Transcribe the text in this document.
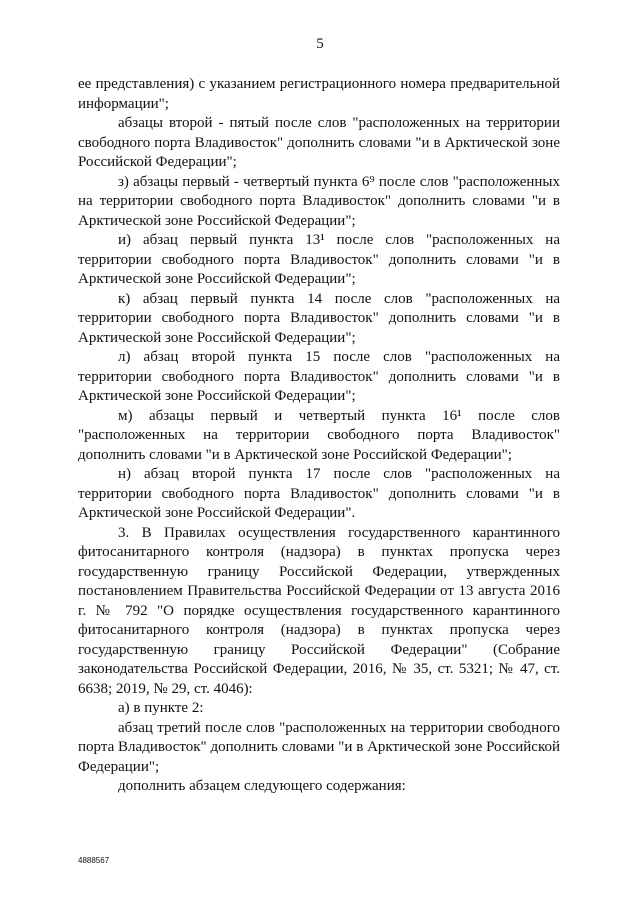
5

ее представления) с указанием регистрационного номера предварительной информации";

абзацы второй - пятый после слов "расположенных на территории свободного порта Владивосток" дополнить словами "и в Арктической зоне Российской Федерации";

з) абзацы первый - четвертый пункта 6⁹ после слов "расположенных на территории свободного порта Владивосток" дополнить словами "и в Арктической зоне Российской Федерации";

и) абзац первый пункта 13¹ после слов "расположенных на территории свободного порта Владивосток" дополнить словами "и в Арктической зоне Российской Федерации";

к) абзац первый пункта 14 после слов "расположенных на территории свободного порта Владивосток" дополнить словами "и в Арктической зоне Российской Федерации";

л) абзац второй пункта 15 после слов "расположенных на территории свободного порта Владивосток" дополнить словами "и в Арктической зоне Российской Федерации";

м) абзацы первый и четвертый пункта 16¹ после слов "расположенных на территории свободного порта Владивосток" дополнить словами "и в Арктической зоне Российской Федерации";

н) абзац второй пункта 17 после слов "расположенных на территории свободного порта Владивосток" дополнить словами "и в Арктической зоне Российской Федерации".

3. В Правилах осуществления государственного карантинного фитосанитарного контроля (надзора) в пунктах пропуска через государственную границу Российской Федерации, утвержденных постановлением Правительства Российской Федерации от 13 августа 2016 г. № 792 "О порядке осуществления государственного карантинного фитосанитарного контроля (надзора) в пунктах пропуска через государственную границу Российской Федерации" (Собрание законодательства Российской Федерации, 2016, № 35, ст. 5321; № 47, ст. 6638; 2019, № 29, ст. 4046):

а) в пункте 2:

абзац третий после слов "расположенных на территории свободного порта Владивосток" дополнить словами "и в Арктической зоне Российской Федерации";

дополнить абзацем следующего содержания:

4888567
